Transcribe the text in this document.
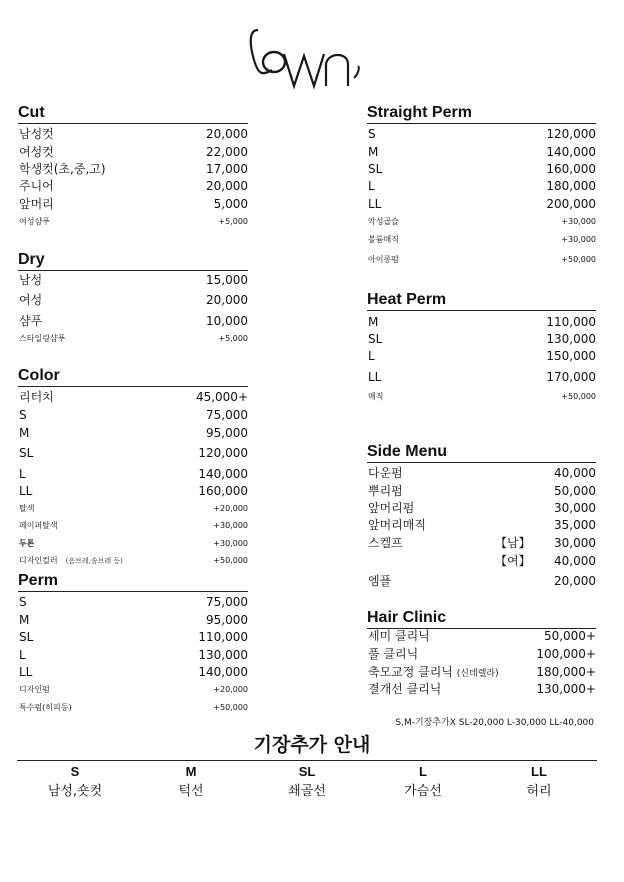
Cut
남성컷	20,000
여성컷	22,000
학생컷(초,중,고)	17,000
주니어	20,000
앞머리	5,000
여성샴푸	+5,000
Dry
남성	15,000
여성	20,000
샴푸	10,000
스타일링샴푸	+5,000
Color
리터치	45,000+
S	75,000
M	95,000
SL	120,000
L	140,000
LL	160,000
탈색	+20,000
페이퍼탈색	+30,000
두톤	+30,000
디자인컬러 (옴브레,솜브레 등)	+50,000
Perm
S	75,000
M	95,000
SL	110,000
L	130,000
LL	140,000
디자인펌	+20,000
특수펌(히피등)	+50,000
Straight Perm
S	120,000
M	140,000
SL	160,000
L	180,000
LL	200,000
악성곱슬	+30,000
볼륨매직	+30,000
아이롱펌	+50,000
Heat Perm
M	110,000
SL	130,000
L	150,000
LL	170,000
매직	+50,000
Side Menu
다운펌	40,000
뿌리펌	50,000
앞머리펌	30,000
앞머리매직	35,000
스켈프	【남】 30,000
【여】 40,000
엠플	20,000
Hair Clinic
세미 클리닉	50,000+
풀 클리닉	100,000+
축모교정 클리닉 (신데렐라)	180,000+
결개선 클리닉	130,000+
S,M-기장추가X SL-20,000 L-30,000 LL-40,000
기장추가 안내
S	M	SL	L	LL
남성,숏컷	턱선	쇄골선	가슴선	허리
